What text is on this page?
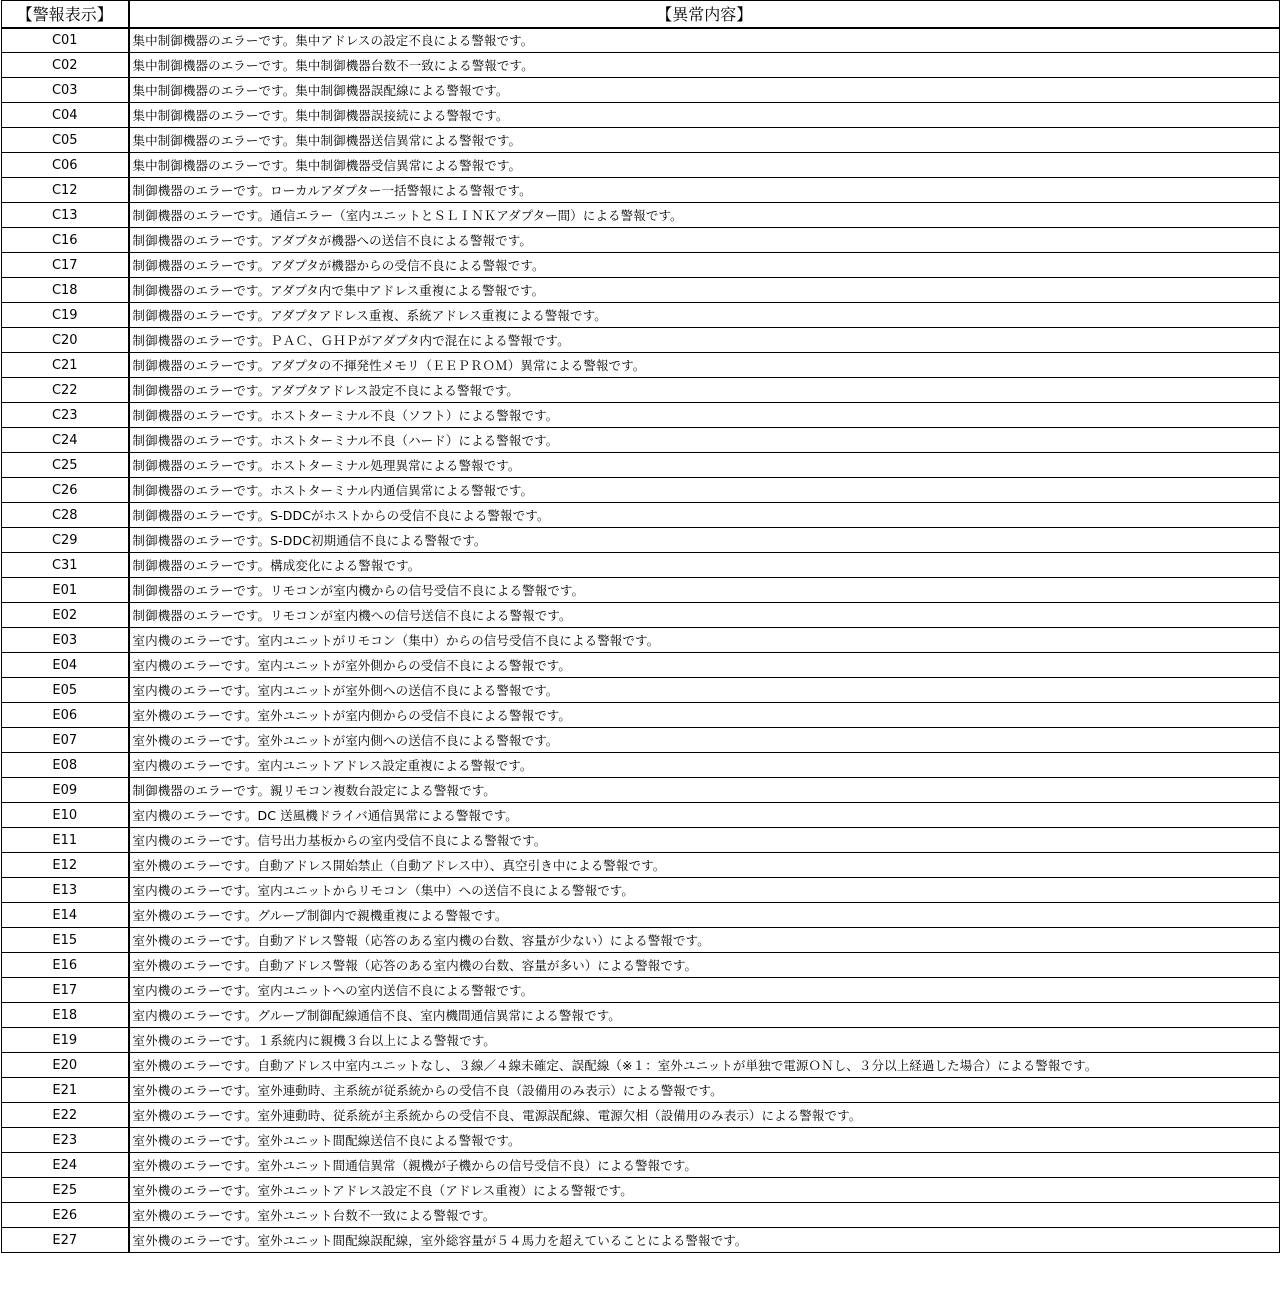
【警報表示】	【異常内容】
C01	集中制御機器のエラーです。集中アドレスの設定不良による警報です。
C02	集中制御機器のエラーです。集中制御機器台数不一致による警報です。
C03	集中制御機器のエラーです。集中制御機器誤配線による警報です。
C04	集中制御機器のエラーです。集中制御機器誤接続による警報です。
C05	集中制御機器のエラーです。集中制御機器送信異常による警報です。
C06	集中制御機器のエラーです。集中制御機器受信異常による警報です。
C12	制御機器のエラーです。ローカルアダプター一括警報による警報です。
C13	制御機器のエラーです。通信エラー（室内ユニットとＳＬＩＮＫアダプター間）による警報です。
C16	制御機器のエラーです。アダプタが機器への送信不良による警報です。
C17	制御機器のエラーです。アダプタが機器からの受信不良による警報です。
C18	制御機器のエラーです。アダプタ内で集中アドレス重複による警報です。
C19	制御機器のエラーです。アダプタアドレス重複、系統アドレス重複による警報です。
C20	制御機器のエラーです。ＰＡＣ、ＧＨＰがアダプタ内で混在による警報です。
C21	制御機器のエラーです。アダプタの不揮発性メモリ（ＥＥＰＲＯＭ）異常による警報です。
C22	制御機器のエラーです。アダプタアドレス設定不良による警報です。
C23	制御機器のエラーです。ホストターミナル不良（ソフト）による警報です。
C24	制御機器のエラーです。ホストターミナル不良（ハード）による警報です。
C25	制御機器のエラーです。ホストターミナル処理異常による警報です。
C26	制御機器のエラーです。ホストターミナル内通信異常による警報です。
C28	制御機器のエラーです。S-DDCがホストからの受信不良による警報です。
C29	制御機器のエラーです。S-DDC初期通信不良による警報です。
C31	制御機器のエラーです。構成変化による警報です。
E01	制御機器のエラーです。リモコンが室内機からの信号受信不良による警報です。
E02	制御機器のエラーです。リモコンが室内機への信号送信不良による警報です。
E03	室内機のエラーです。室内ユニットがリモコン（集中）からの信号受信不良による警報です。
E04	室内機のエラーです。室内ユニットが室外側からの受信不良による警報です。
E05	室内機のエラーです。室内ユニットが室外側への送信不良による警報です。
E06	室外機のエラーです。室外ユニットが室内側からの受信不良による警報です。
E07	室外機のエラーです。室外ユニットが室内側への送信不良による警報です。
E08	室内機のエラーです。室内ユニットアドレス設定重複による警報です。
E09	制御機器のエラーです。親リモコン複数台設定による警報です。
E10	室内機のエラーです。DC 送風機ドライバ通信異常による警報です。
E11	室内機のエラーです。信号出力基板からの室内受信不良による警報です。
E12	室外機のエラーです。自動アドレス開始禁止（自動アドレス中）、真空引き中による警報です。
E13	室内機のエラーです。室内ユニットからリモコン（集中）への送信不良による警報です。
E14	室外機のエラーです。グループ制御内で親機重複による警報です。
E15	室外機のエラーです。自動アドレス警報（応答のある室内機の台数、容量が少ない）による警報です。
E16	室外機のエラーです。自動アドレス警報（応答のある室内機の台数、容量が多い）による警報です。
E17	室内機のエラーです。室内ユニットへの室内送信不良による警報です。
E18	室内機のエラーです。グループ制御配線通信不良、室内機間通信異常による警報です。
E19	室外機のエラーです。１系統内に親機３台以上による警報です。
E20	室外機のエラーです。自動アドレス中室内ユニットなし、３線／４線未確定、誤配線（※１：室外ユニットが単独で電源ＯＮし、３分以上経過した場合）による警報です。
E21	室外機のエラーです。室外連動時、主系統が従系統からの受信不良（設備用のみ表示）による警報です。
E22	室外機のエラーです。室外連動時、従系統が主系統からの受信不良、電源誤配線、電源欠相（設備用のみ表示）による警報です。
E23	室外機のエラーです。室外ユニット間配線送信不良による警報です。
E24	室外機のエラーです。室外ユニット間通信異常（親機が子機からの信号受信不良）による警報です。
E25	室外機のエラーです。室外ユニットアドレス設定不良（アドレス重複）による警報です。
E26	室外機のエラーです。室外ユニット台数不一致による警報です。
E27	室外機のエラーです。室外ユニット間配線誤配線，室外総容量が５４馬力を超えていることによる警報です。
